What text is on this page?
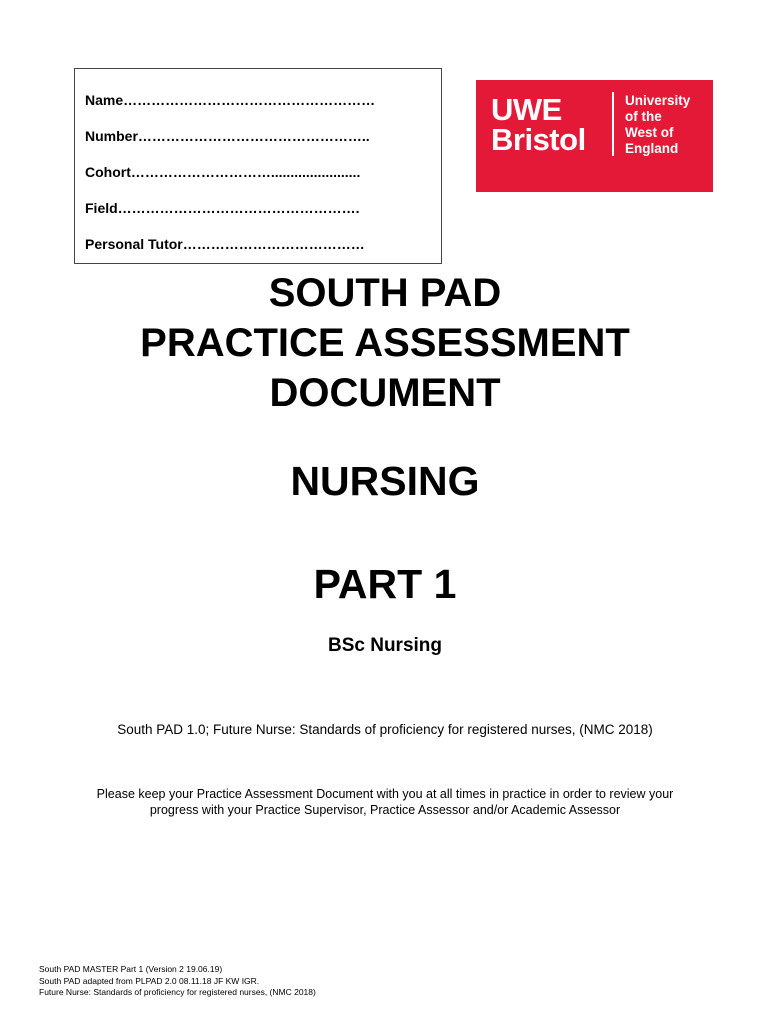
Name………………………………………………
Number…………………………………………..
Cohort………………………….......................
Field…………………………………………….
Personal Tutor…………………………………
UWE
Bristol
University
of the
West of
England
SOUTH PAD
PRACTICE ASSESSMENT
DOCUMENT
NURSING
PART 1
BSc Nursing
South PAD 1.0; Future Nurse: Standards of proficiency for registered nurses, (NMC 2018)
Please keep your Practice Assessment Document with you at all times in practice in order to review your
progress with your Practice Supervisor, Practice Assessor and/or Academic Assessor
South PAD MASTER Part 1 (Version 2 19.06.19)
South PAD adapted from PLPAD 2.0 08.11.18 JF KW IGR.
Future Nurse: Standards of proficiency for registered nurses, (NMC 2018)
